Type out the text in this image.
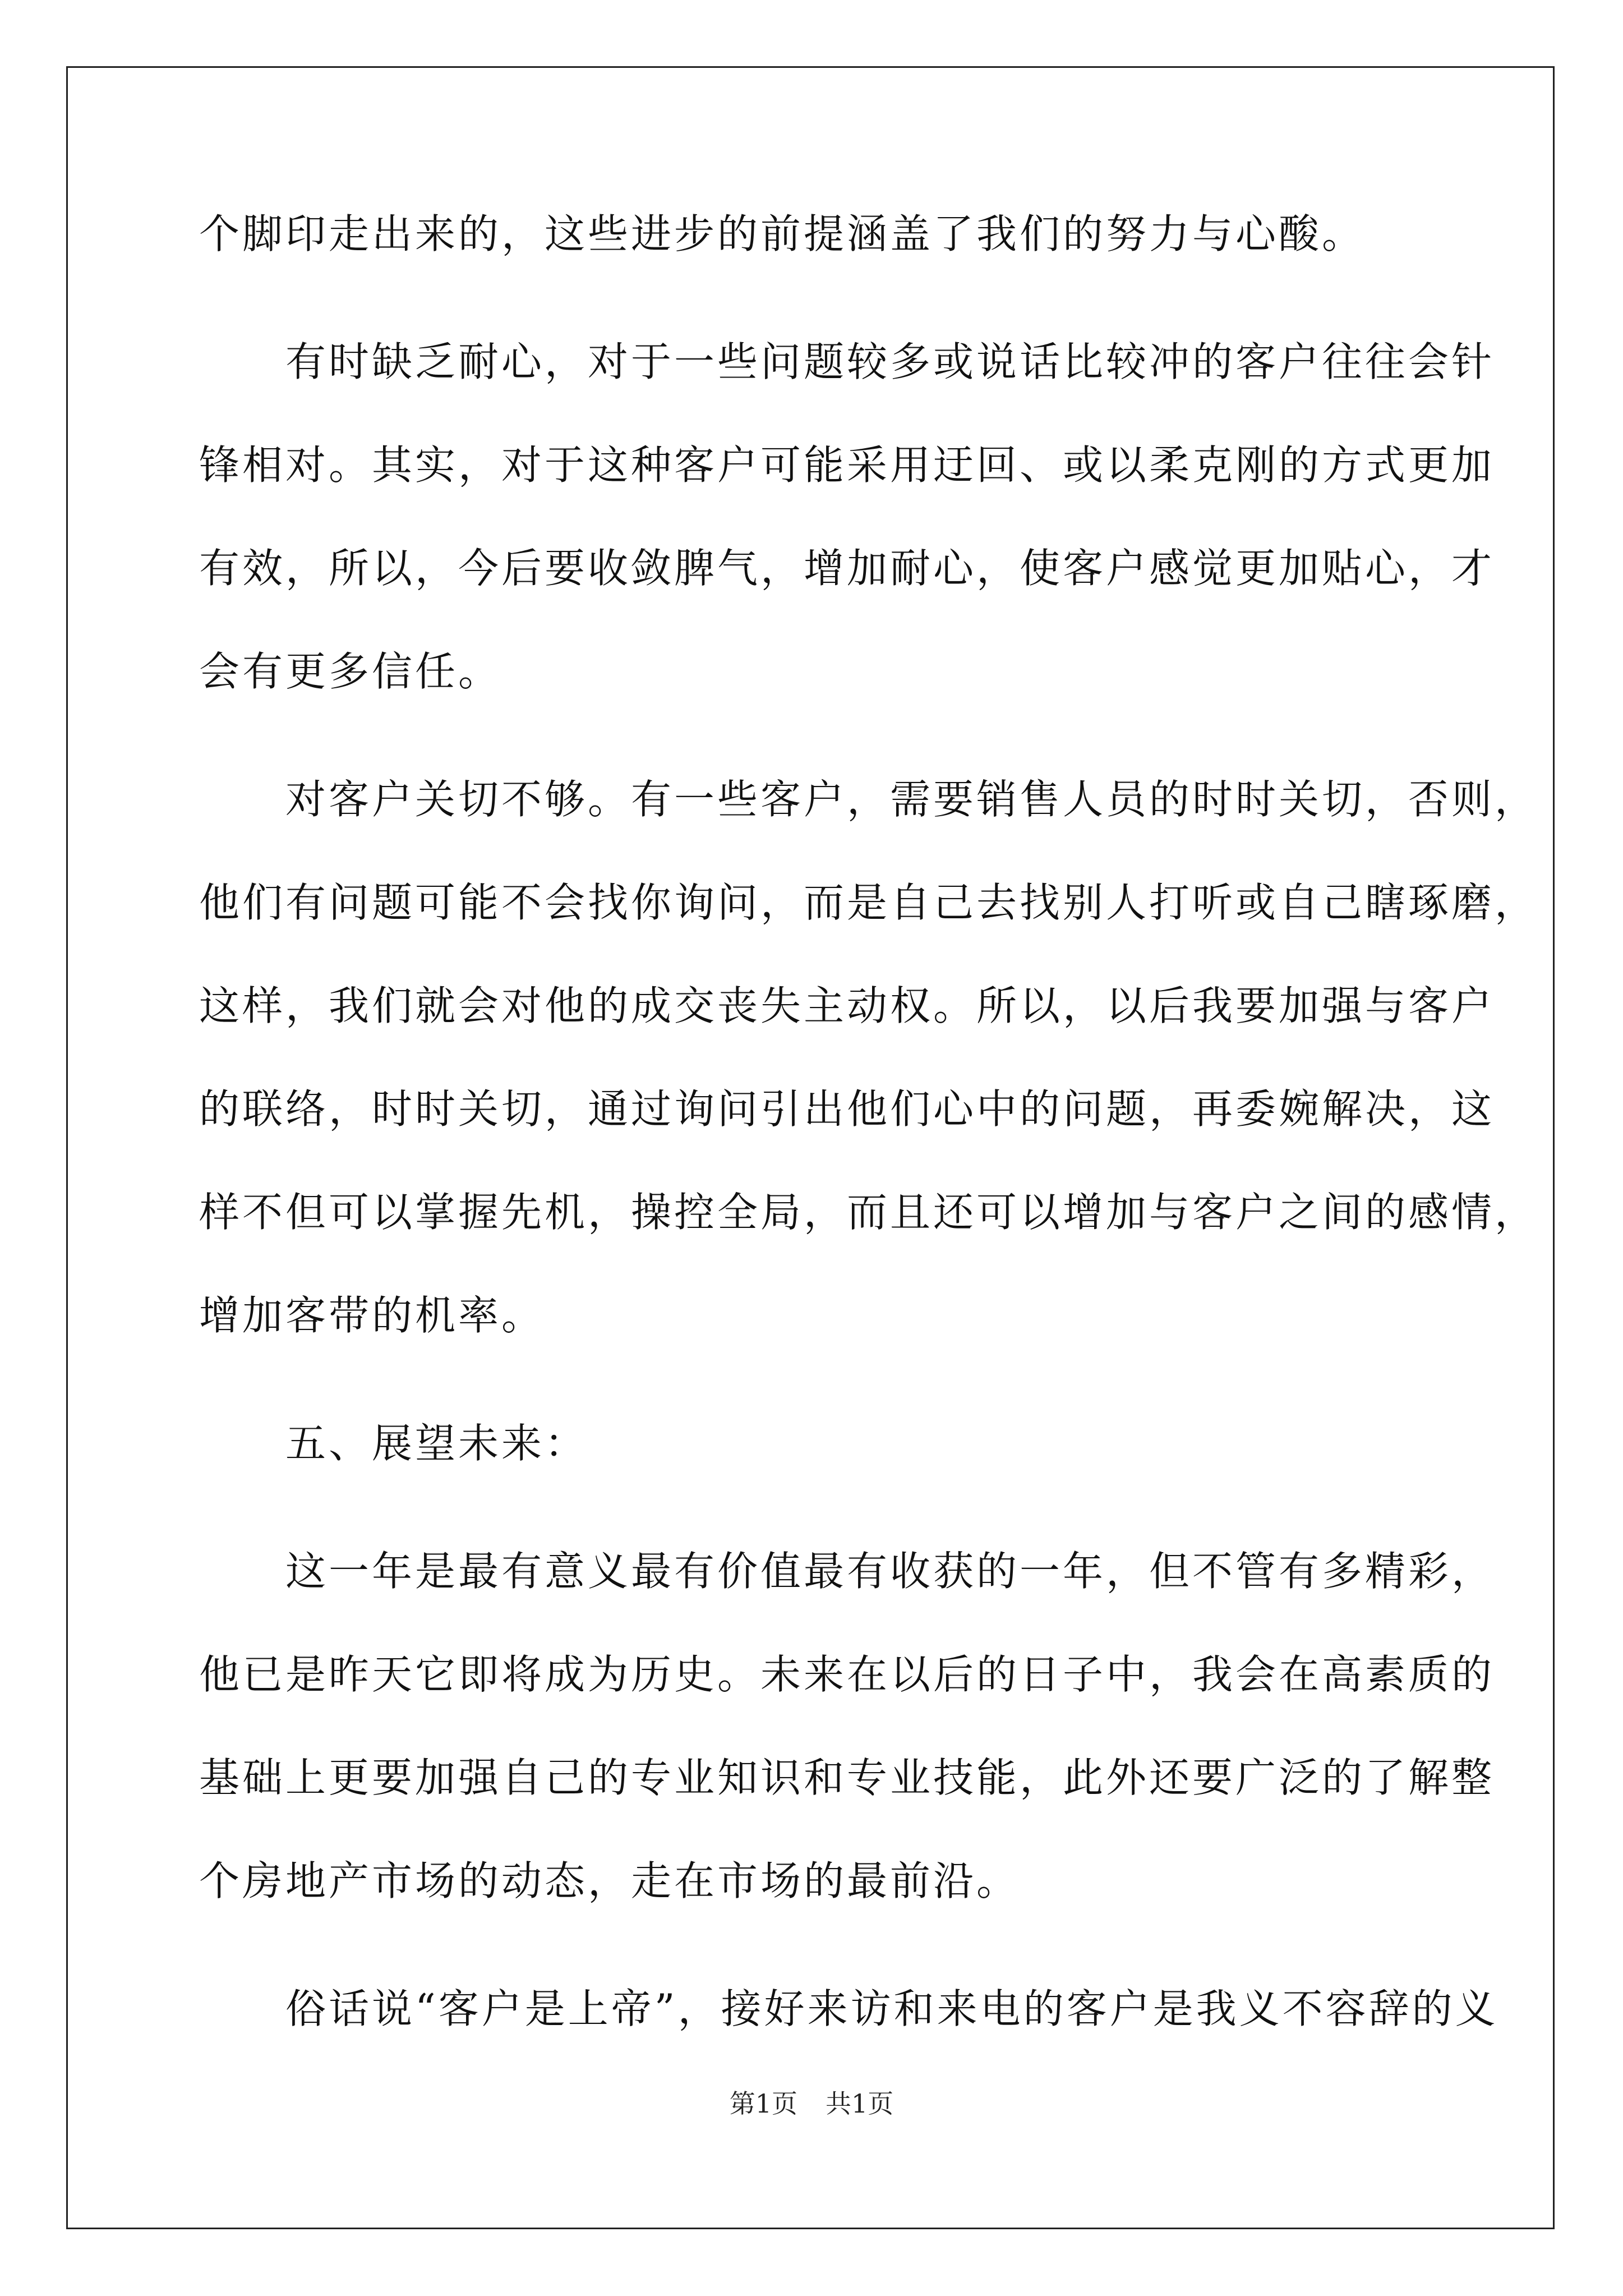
个脚印走出来的，这些进步的前提涵盖了我们的努力与心酸。
　　有时缺乏耐心，对于一些问题较多或说话比较冲的客户往往会针
锋相对。其实，对于这种客户可能采用迂回、或以柔克刚的方式更加
有效，所以，今后要收敛脾气，增加耐心，使客户感觉更加贴心，才
会有更多信任。
　　对客户关切不够。有一些客户，需要销售人员的时时关切，否则，
他们有问题可能不会找你询问，而是自己去找别人打听或自己瞎琢磨，
这样，我们就会对他的成交丧失主动权。所以，以后我要加强与客户
的联络，时时关切，通过询问引出他们心中的问题，再委婉解决，这
样不但可以掌握先机，操控全局，而且还可以增加与客户之间的感情，
增加客带的机率。
　　五、展望未来：
　　这一年是最有意义最有价值最有收获的一年，但不管有多精彩，
他已是昨天它即将成为历史。未来在以后的日子中，我会在高素质的
基础上更要加强自己的专业知识和专业技能，此外还要广泛的了解整
个房地产市场的动态，走在市场的最前沿。
　　俗话说“客户是上帝”，接好来访和来电的客户是我义不容辞的义
第1页 共1页
